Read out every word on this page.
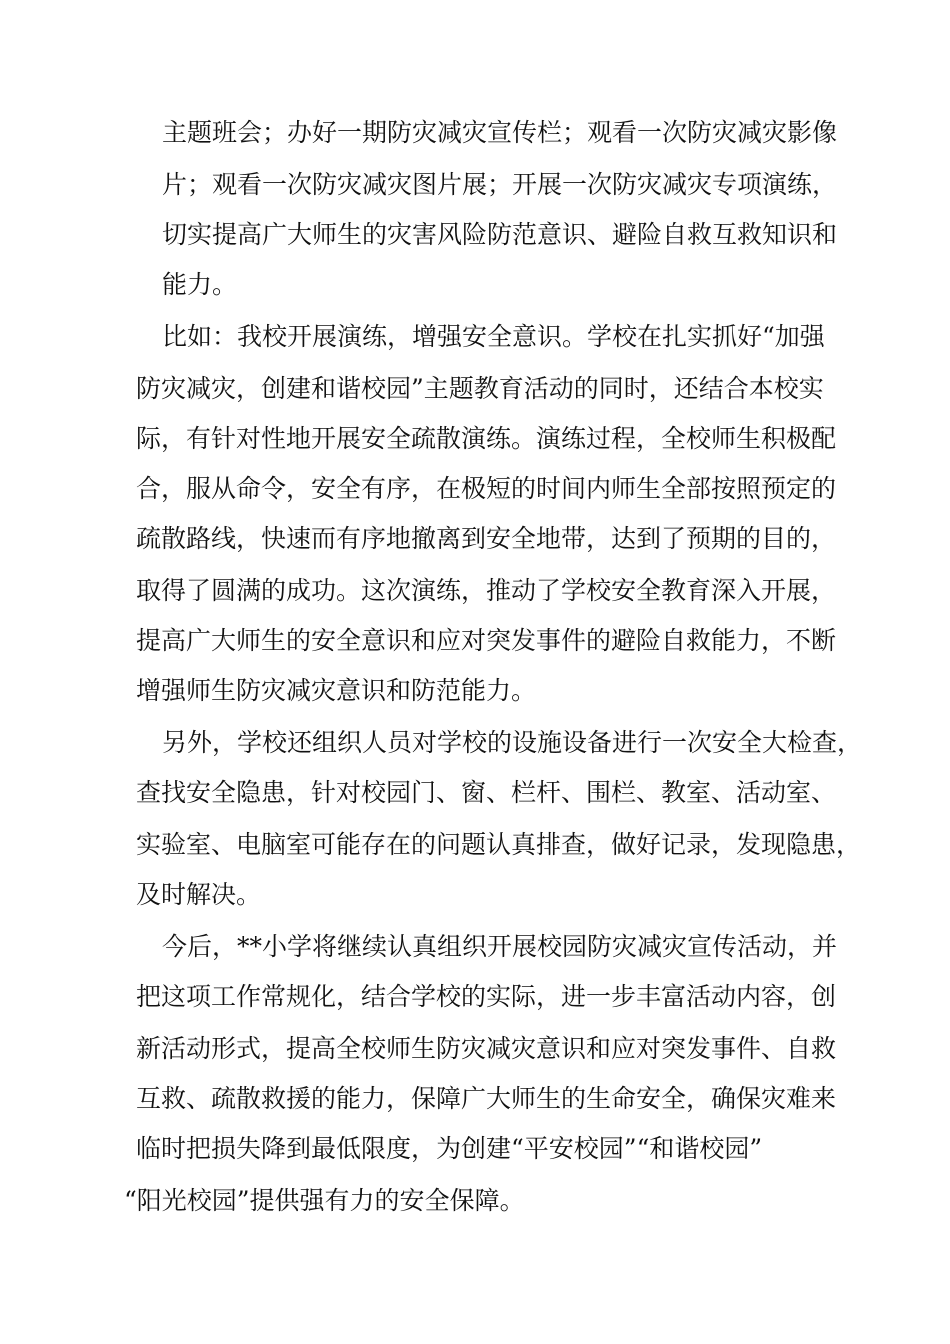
主题班会；办好一期防灾减灾宣传栏；观看一次防灾减灾影像
片；观看一次防灾减灾图片展；开展一次防灾减灾专项演练，
切实提高广大师生的灾害风险防范意识、避险自救互救知识和
能力。
比如：我校开展演练，增强安全意识。学校在扎实抓好“加强
防灾减灾，创建和谐校园”主题教育活动的同时，还结合本校实
际，有针对性地开展安全疏散演练。演练过程，全校师生积极配
合，服从命令，安全有序，在极短的时间内师生全部按照预定的
疏散路线，快速而有序地撤离到安全地带，达到了预期的目的，
取得了圆满的成功。这次演练，推动了学校安全教育深入开展，
提高广大师生的安全意识和应对突发事件的避险自救能力，不断
增强师生防灾减灾意识和防范能力。
另外，学校还组织人员对学校的设施设备进行一次安全大检查，
查找安全隐患，针对校园门、窗、栏杆、围栏、教室、活动室、
实验室、电脑室可能存在的问题认真排查，做好记录，发现隐患，
及时解决。
今后，**小学将继续认真组织开展校园防灾减灾宣传活动，并
把这项工作常规化，结合学校的实际，进一步丰富活动内容，创
新活动形式，提高全校师生防灾减灾意识和应对突发事件、自救
互救、疏散救援的能力，保障广大师生的生命安全，确保灾难来
临时把损失降到最低限度，为创建“平安校园”“和谐校园”
“阳光校园”提供强有力的安全保障。
